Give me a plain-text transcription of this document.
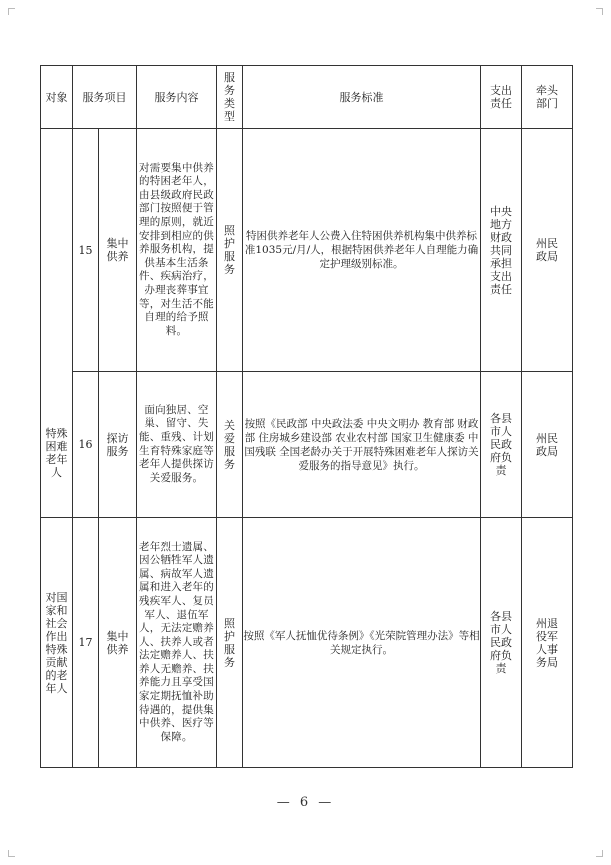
对象	服务项目		服务内容	服务类型	服务标准	支出责任	牵头部门

特殊困难老年人	15	集中供养	对需要集中供养的特困老年人，由县级政府民政部门按照便于管理的原则，就近安排到相应的供养服务机构，提供基本生活条件、疾病治疗，办理丧葬事宜等，对生活不能自理的给予照料。	照护服务	特困供养老年人公费入住特困供养机构集中供养标准1035元/月/人，根据特困供养老年人自理能力确定护理级别标准。	中央地方财政共同承担支出责任	州民政局

	16	探访服务	面向独居、空巢、留守、失能、重残、计划生育特殊家庭等老年人提供探访关爱服务。	关爱服务	按照《民政部 中央政法委 中央文明办 教育部 财政部 住房城乡建设部 农业农村部 国家卫生健康委 中国残联 全国老龄办关于开展特殊困难老年人探访关爱服务的指导意见》执行。	各县市人民政府负责	州民政局

对国家和社会作出特殊贡献的老年人	17	集中供养	老年烈士遗属、因公牺牲军人遗属、病故军人遗属和进入老年的残疾军人、复员军人、退伍军人，无法定赡养人、扶养人或者法定赡养人、扶养人无赡养、扶养能力且享受国家定期抚恤补助待遇的，提供集中供养、医疗等保障。	照护服务	按照《军人抚恤优待条例》《光荣院管理办法》等相关规定执行。	各县市人民政府负责	州退役军人事务局
— 6 —
